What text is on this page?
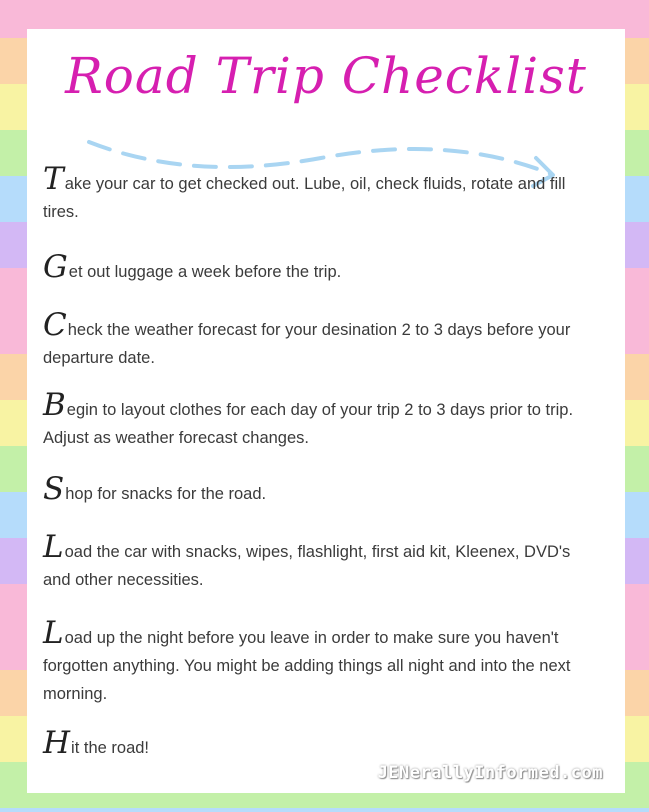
Road Trip Checklist
Take your car to get checked out. Lube, oil, check fluids, rotate and fill tires.
Get out luggage a week before the trip.
Check the weather forecast for your desination 2 to 3 days before your departure date.
Begin to layout clothes for each day of your trip 2 to 3 days prior to trip. Adjust as weather forecast changes.
Shop for snacks for the road.
Load the car with snacks, wipes, flashlight, first aid kit, Kleenex, DVD's and other necessities.
Load up the night before you leave in order to make sure you haven't forgotten anything. You might be adding things all night and into the next morning.
Hit the road!
JENerallyInformed.com
